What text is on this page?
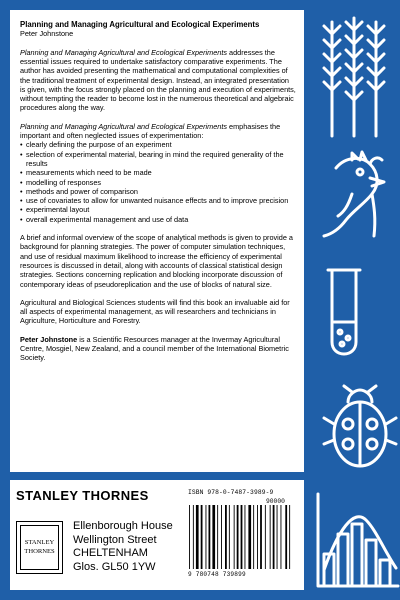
Planning and Managing Agricultural and Ecological Experiments
Peter Johnstone

Planning and Managing Agricultural and Ecological Experiments addresses the essential issues required to undertake satisfactory comparative experiments. The author has avoided presenting the mathematical and computational complexities of the traditional treatment of experimental design. Instead, an integrated presentation is given, with the focus strongly placed on the planning and execution of experiments, without tempting the reader to become lost in the numerous theoretical and algebraic procedures along the way.

Planning and Managing Agricultural and Ecological Experiments emphasises the important and often neglected issues of experimentation:

• clearly defining the purpose of an experiment
• selection of experimental material, bearing in mind the required generality of the results
• measurements which need to be made
• modelling of responses
• methods and power of comparison
• use of covariates to allow for unwanted nuisance effects and to improve precision
• experimental layout
• overall experimental management and use of data

A brief and informal overview of the scope of analytical methods is given to provide a background for planning strategies. The power of computer simulation techniques, and use of residual maximum likelihood to increase the efficiency of experimental resources is discussed in detail, along with accounts of classical statistical design strategies. Sections concerning replication and blocking incorporate discussion of contemporary ideas of pseudoreplication and the use of blocks of natural size.

Agricultural and Biological Sciences students will find this book an invaluable aid for all aspects of experimental management, as will researchers and technicians in Agriculture, Horticulture and Forestry.

Peter Johnstone is a Scientific Resources manager at the Invermay Agricultural Centre, Mosgiel, New Zealand, and a council member of the International Biometric Society.

STANLEY THORNES
STANLEY
THORNES
Ellenborough House
Wellington Street
CHELTENHAM
Glos. GL50 1YW
ISBN 978-0-7487-3989-9
90000
9 780748 739899
